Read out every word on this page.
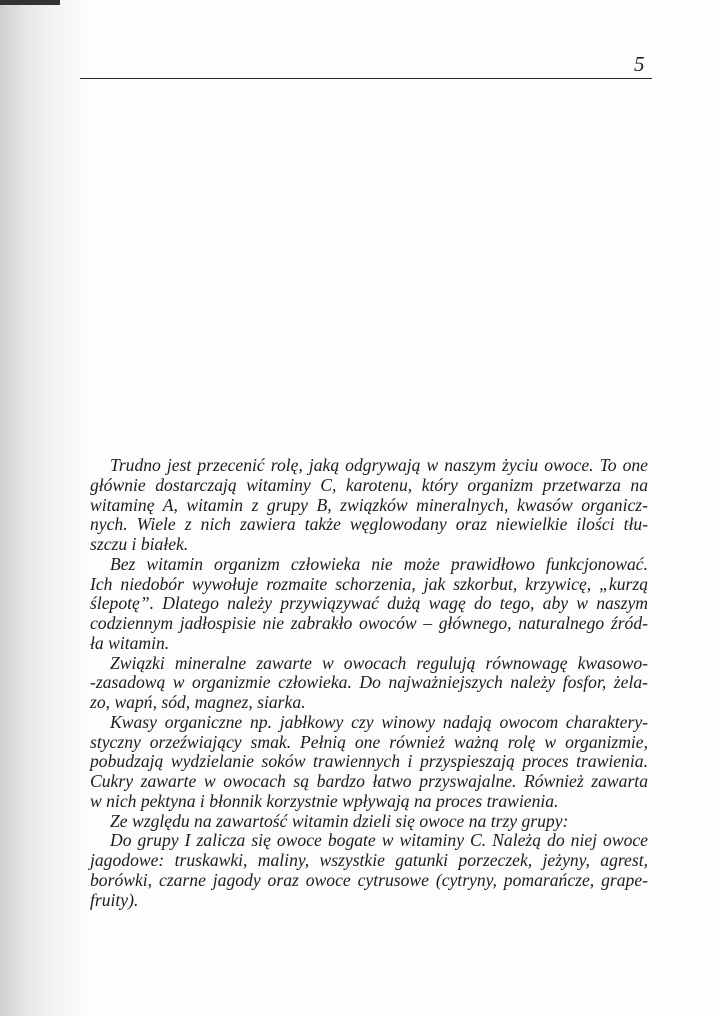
5
Trudno jest przecenić rolę, jaką odgrywają w naszym życiu owoce. To one
głównie dostarczają witaminy C, karotenu, który organizm przetwarza na
witaminę A, witamin z grupy B, związków mineralnych, kwasów organicz-
nych. Wiele z nich zawiera także węglowodany oraz niewielkie ilości tłu-
szczu i białek.
Bez witamin organizm człowieka nie może prawidłowo funkcjonować.
Ich niedobór wywołuje rozmaite schorzenia, jak szkorbut, krzywicę, „kurzą
ślepotę”. Dlatego należy przywiązywać dużą wagę do tego, aby w naszym
codziennym jadłospisie nie zabrakło owoców – głównego, naturalnego źród-
ła witamin.
Związki mineralne zawarte w owocach regulują równowagę kwasowo-
-zasadową w organizmie człowieka. Do najważniejszych należy fosfor, żela-
zo, wapń, sód, magnez, siarka.
Kwasy organiczne np. jabłkowy czy winowy nadają owocom charaktery-
styczny orzeźwiający smak. Pełnią one również ważną rolę w organizmie,
pobudzają wydzielanie soków trawiennych i przyspieszają proces trawienia.
Cukry zawarte w owocach są bardzo łatwo przyswajalne. Również zawarta
w nich pektyna i błonnik korzystnie wpływają na proces trawienia.
Ze względu na zawartość witamin dzieli się owoce na trzy grupy:
Do grupy I zalicza się owoce bogate w witaminy C. Należą do niej owoce
jagodowe: truskawki, maliny, wszystkie gatunki porzeczek, jeżyny, agrest,
borówki, czarne jagody oraz owoce cytrusowe (cytryny, pomarańcze, grape-
fruity).
